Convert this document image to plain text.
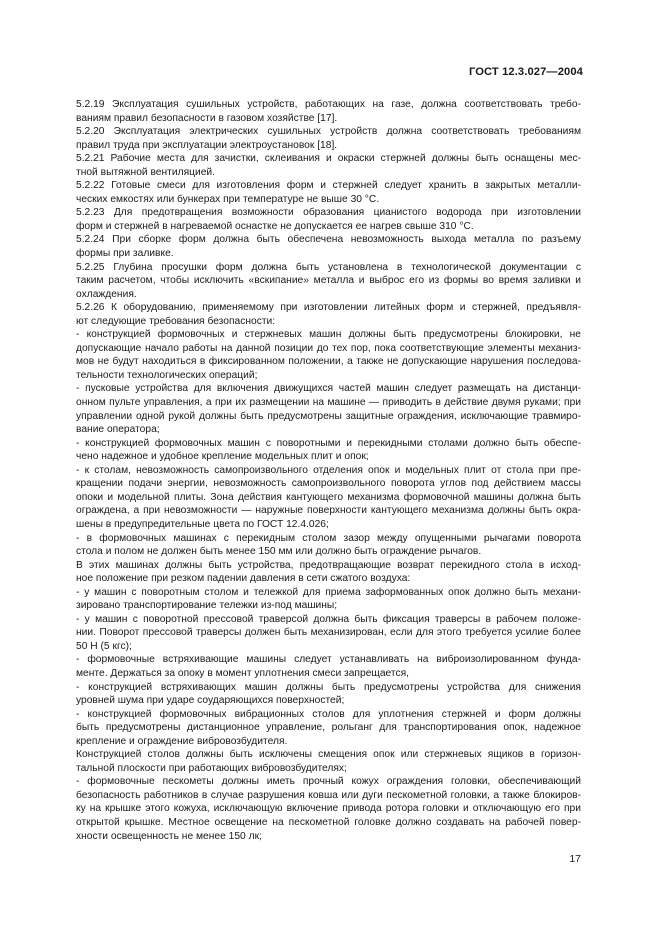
ГОСТ 12.3.027—2004
5.2.19 Эксплуатация сушильных устройств, работающих на газе, должна соответствовать требо-
ваниям правил безопасности в газовом хозяйстве [17].
5.2.20 Эксплуатация электрических сушильных устройств должна соответствовать требованиям
правил труда при эксплуатации электроустановок [18].
5.2.21 Рабочие места для зачистки, склеивания и окраски стержней должны быть оснащены мес-
тной вытяжной вентиляцией.
5.2.22 Готовые смеси для изготовления форм и стержней следует хранить в закрытых металли-
ческих емкостях или бункерах при температуре не выше 30 °С.
5.2.23 Для предотвращения возможности образования цианистого водорода при изготовлении
форм и стержней в нагреваемой оснастке не допускается ее нагрев свыше 310 °С.
5.2.24 При сборке форм должна быть обеспечена невозможность выхода металла по разъему
формы при заливке.
5.2.25 Глубина просушки форм должна быть установлена в технологической документации с
таким расчетом, чтобы исключить «вскипание» металла и выброс его из формы во время заливки и
охлаждения.
5.2.26 К оборудованию, применяемому при изготовлении литейных форм и стержней, предъявля-
ют следующие требования безопасности:
- конструкцией формовочных и стержневых машин должны быть предусмотрены блокировки, не
допускающие начало работы на данной позиции до тех пор, пока соответствующие элементы механиз-
мов не будут находиться в фиксированном положении, а также не допускающие нарушения последова-
тельности технологических операций;
- пусковые устройства для включения движущихся частей машин следует размещать на дистанци-
онном пульте управления, а при их размещении на машине — приводить в действие двумя руками; при
управлении одной рукой должны быть предусмотрены защитные ограждения, исключающие травмиро-
вание оператора;
- конструкцией формовочных машин с поворотными и перекидными столами должно быть обеспе-
чено надежное и удобное крепление модельных плит и опок;
- к столам, невозможность самопроизвольного отделения опок и модельных плит от стола при пре-
кращении подачи энергии, невозможность самопроизвольного поворота углов под действием массы
опоки и модельной плиты. Зона действия кантующего механизма формовочной машины должна быть
ограждена, а при невозможности — наружные поверхности кантующего механизма должны быть окра-
шены в предупредительные цвета по ГОСТ 12.4.026;
- в формовочных машинах с перекидным столом зазор между опущенными рычагами поворота
стола и полом не должен быть менее 150 мм или должно быть ограждение рычагов.
В этих машинах должны быть устройства, предотвращающие возврат перекидного стола в исход-
ное положение при резком падении давления в сети сжатого воздуха:
- у машин с поворотным столом и тележкой для приема заформованных опок должно быть механи-
зировано транспортирование тележки из-под машины;
- у машин с поворотной прессовой траверсой должна быть фиксация траверсы в рабочем положе-
нии. Поворот прессовой траверсы должен быть механизирован, если для этого требуется усилие более
50 Н (5 кгс);
- формовочные встряхивающие машины следует устанавливать на виброизолированном фунда-
менте. Держаться за опоку в момент уплотнения смеси запрещается,
- конструкцией встряхивающих машин должны быть предусмотрены устройства для снижения
уровней шума при ударе соударяющихся поверхностей;
- конструкцией формовочных вибрационных столов для уплотнения стержней и форм должны
быть предусмотрены дистанционное управление, рольганг для транспортирования опок, надежное
крепление и ограждение вибровозбудителя.
Конструкцией столов должны быть исключены смещения опок или стержневых ящиков в горизон-
тальной плоскости при работающих вибровозбудителях;
- формовочные пескометы должны иметь прочный кожух ограждения головки, обеспечивающий
безопасность работников в случае разрушения ковша или дуги пескометной головки, а также блокиров-
ку на крышке этого кожуха, исключающую включение привода ротора головки и отключающую его при
открытой крышке. Местное освещение на пескометной головке должно создавать на рабочей повер-
хности освещенность не менее 150 лк;
17
